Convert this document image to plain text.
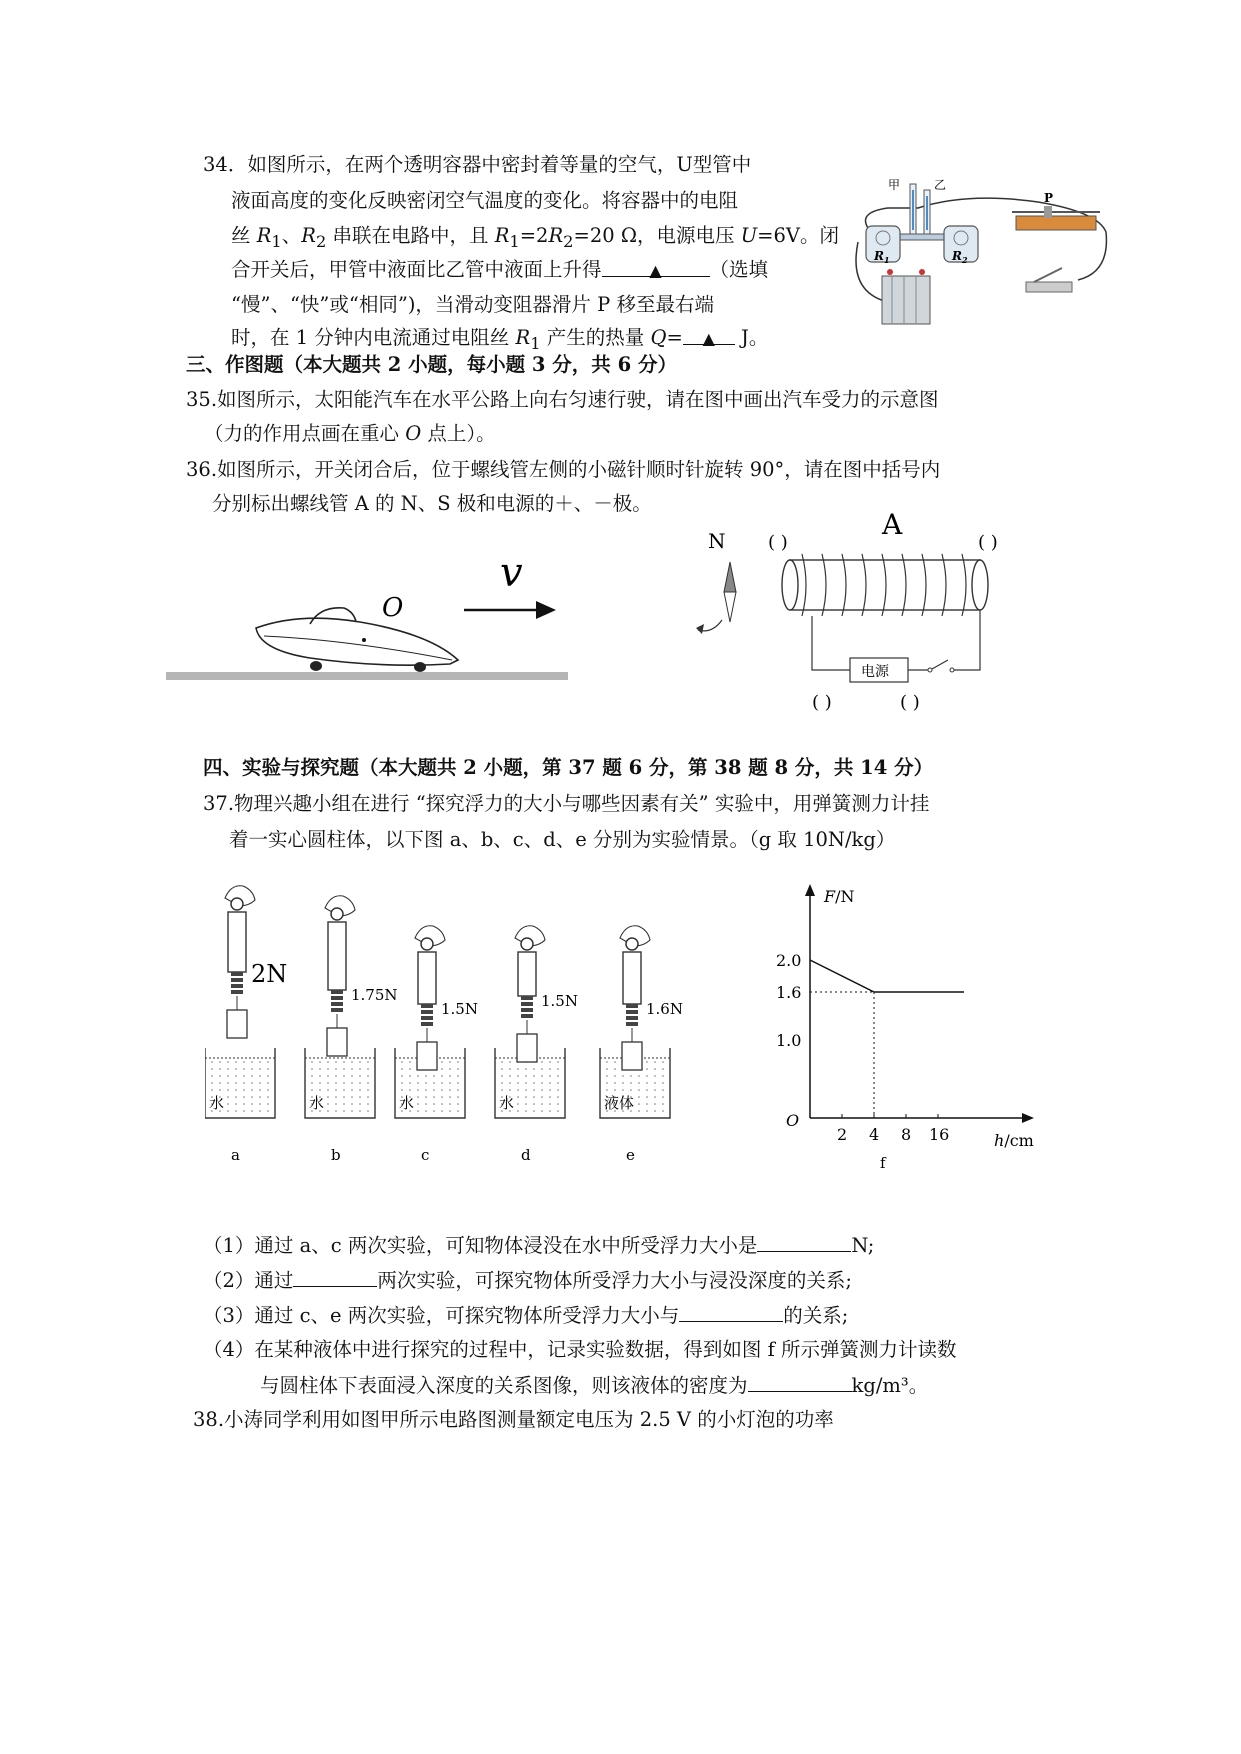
34．如图所示，在两个透明容器中密封着等量的空气，U型管中
液面高度的变化反映密闭空气温度的变化。将容器中的电阻
丝 $R_1$、$R_2$ 串联在电路中，且 $R_1=2R_2=20$ Ω，电源电压 U=6V。闭
合开关后，甲管中液面比乙管中液面上升得	▲ （选填
“慢”、“快”或“相同”)，当滑动变阻器滑片 P 移至最右端
时，在 1 分钟内电流通过电阻丝 $R_1$ 产生的热量 Q= ▲ J。
甲	乙
$R_1$	$R_2$
P
三、作图题（本大题共 2 小题，每小题 3 分，共 6 分）
35.如图所示，太阳能汽车在水平公路上向右匀速行驶，请在图中画出汽车受力的示意图
（力的作用点画在重心 O 点上）。
36.如图所示，开关闭合后，位于螺线管左侧的小磁针顺时针旋转 90°，请在图中括号内
分别标出螺线管 A 的 N、S 极和电源的＋、－极。
O
v
A
( )	( )
N
电源
( )	( )
四、实验与探究题（本大题共 2 小题，第 37 题 6 分，第 38 题 8 分，共 14 分）
37.物理兴趣小组在进行 “探究浮力的大小与哪些因素有关” 实验中，用弹簧测力计挂
着一实心圆柱体，以下图 a、b、c、d、e 分别为实验情景。（g 取 10N/kg）
2N
水
a
1.75N
水
b
1.5N
水
c
1.5N
水
d
1.6N
液体
e
F/N
h/cm
O
2.0
1.6
1.0
2 4 8 16
f
（1）通过 a、c 两次实验，可知物体浸没在水中所受浮力大小是	N;
（2）通过	两次实验，可探究物体所受浮力大小与浸没深度的关系;
（3）通过 c、e 两次实验，可探究物体所受浮力大小与	的关系;
（4）在某种液体中进行探究的过程中，记录实验数据，得到如图 f 所示弹簧测力计读数
与圆柱体下表面浸入深度的关系图像，则该液体的密度为	kg/m³。
38.小涛同学利用如图甲所示电路图测量额定电压为 2.5 V 的小灯泡的功率
